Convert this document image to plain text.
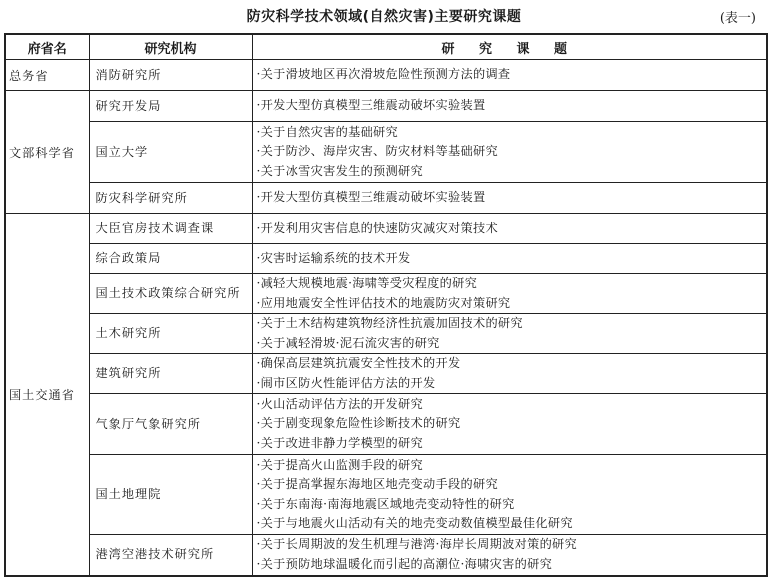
防灾科学技术领域(自然灾害)主要研究课题	(表一)
府省名	研究机构	研 究 课 题
总务省	消防研究所	·关于滑坡地区再次滑坡危险性预测方法的调查

文部科学省	研究开发局	·开发大型仿真模型三维震动破坏实验装置

	国立大学	·关于自然灾害的基础研究
·关于防沙、海岸灾害、防灾材料等基础研究
·关于冰雪灾害发生的预测研究

	防灾科学研究所	·开发大型仿真模型三维震动破坏实验装置

国土交通省	大臣官房技术调查课	·开发利用灾害信息的快速防灾减灾对策技术

	综合政策局	·灾害时运输系统的技术开发

	国土技术政策综合研究所	·减轻大规模地震·海啸等受灾程度的研究
·应用地震安全性评估技术的地震防灾对策研究

	土木研究所	·关于土木结构建筑物经济性抗震加固技术的研究
·关于减轻滑坡·泥石流灾害的研究

	建筑研究所	·确保高层建筑抗震安全性技术的开发
·闹市区防火性能评估方法的开发

	气象厅气象研究所	·火山活动评估方法的开发研究
·关于剧变现象危险性诊断技术的研究
·关于改进非静力学模型的研究

	国土地理院	·关于提高火山监测手段的研究
·关于提高掌握东海地区地壳变动手段的研究
·关于东南海·南海地震区域地壳变动特性的研究
·关于与地震火山活动有关的地壳变动数值模型最佳化研究

	港湾空港技术研究所	·关于长周期波的发生机理与港湾·海岸长周期波对策的研究
·关于预防地球温暖化而引起的高潮位·海啸灾害的研究
